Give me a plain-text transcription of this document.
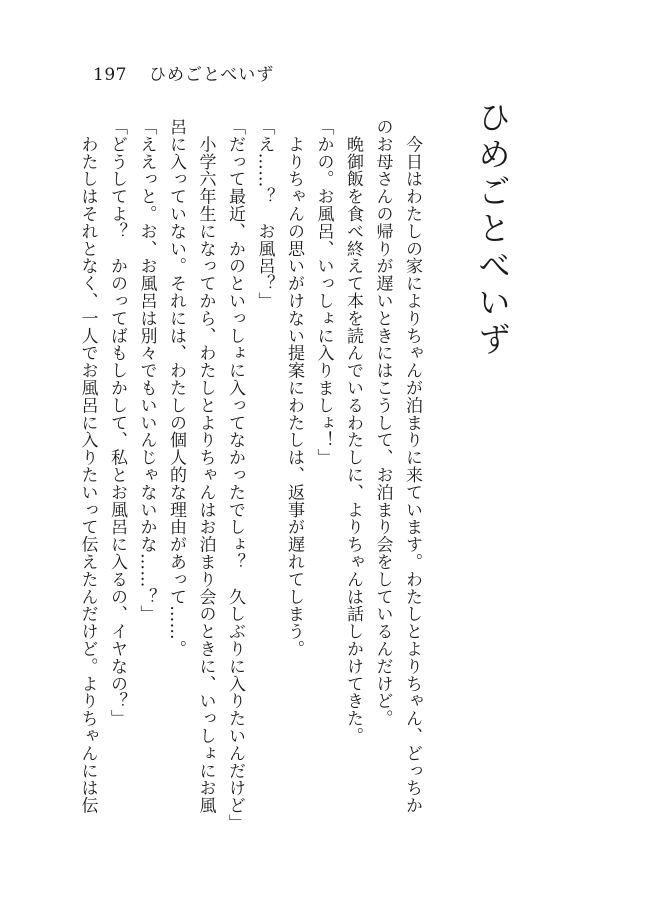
197 ひめごとべいず
ひめごとべいず

　今日はわたしの家によりちゃんが泊まりに来ています。わたしとよりちゃん、どっちか

のお母さんの帰りが遅いときにはこうして、お泊まり会をしているんだけど。

　晩御飯を食べ終えて本を読んでいるわたしに、よりちゃんは話しかけてきた。

「かの。お風呂、いっしょに入りましょ！」

　よりちゃんの思いがけない提案にわたしは、返事が遅れてしまう。

「え……？　お風呂？」

「だって最近、かのといっしょに入ってなかったでしょ？　久しぶりに入りたいんだけど」

　小学六年生になってから、わたしとよりちゃんはお泊まり会のときに、いっしょにお風

呂に入っていない。それには、わたしの個人的な理由があって……。

「ええっと。お、お風呂は別々でもいいんじゃないかな……？」

「どうしてよ？　かのってばもしかして、私とお風呂に入るの、イヤなの？」

　わたしはそれとなく、一人でお風呂に入りたいって伝えたんだけど。よりちゃんには伝
